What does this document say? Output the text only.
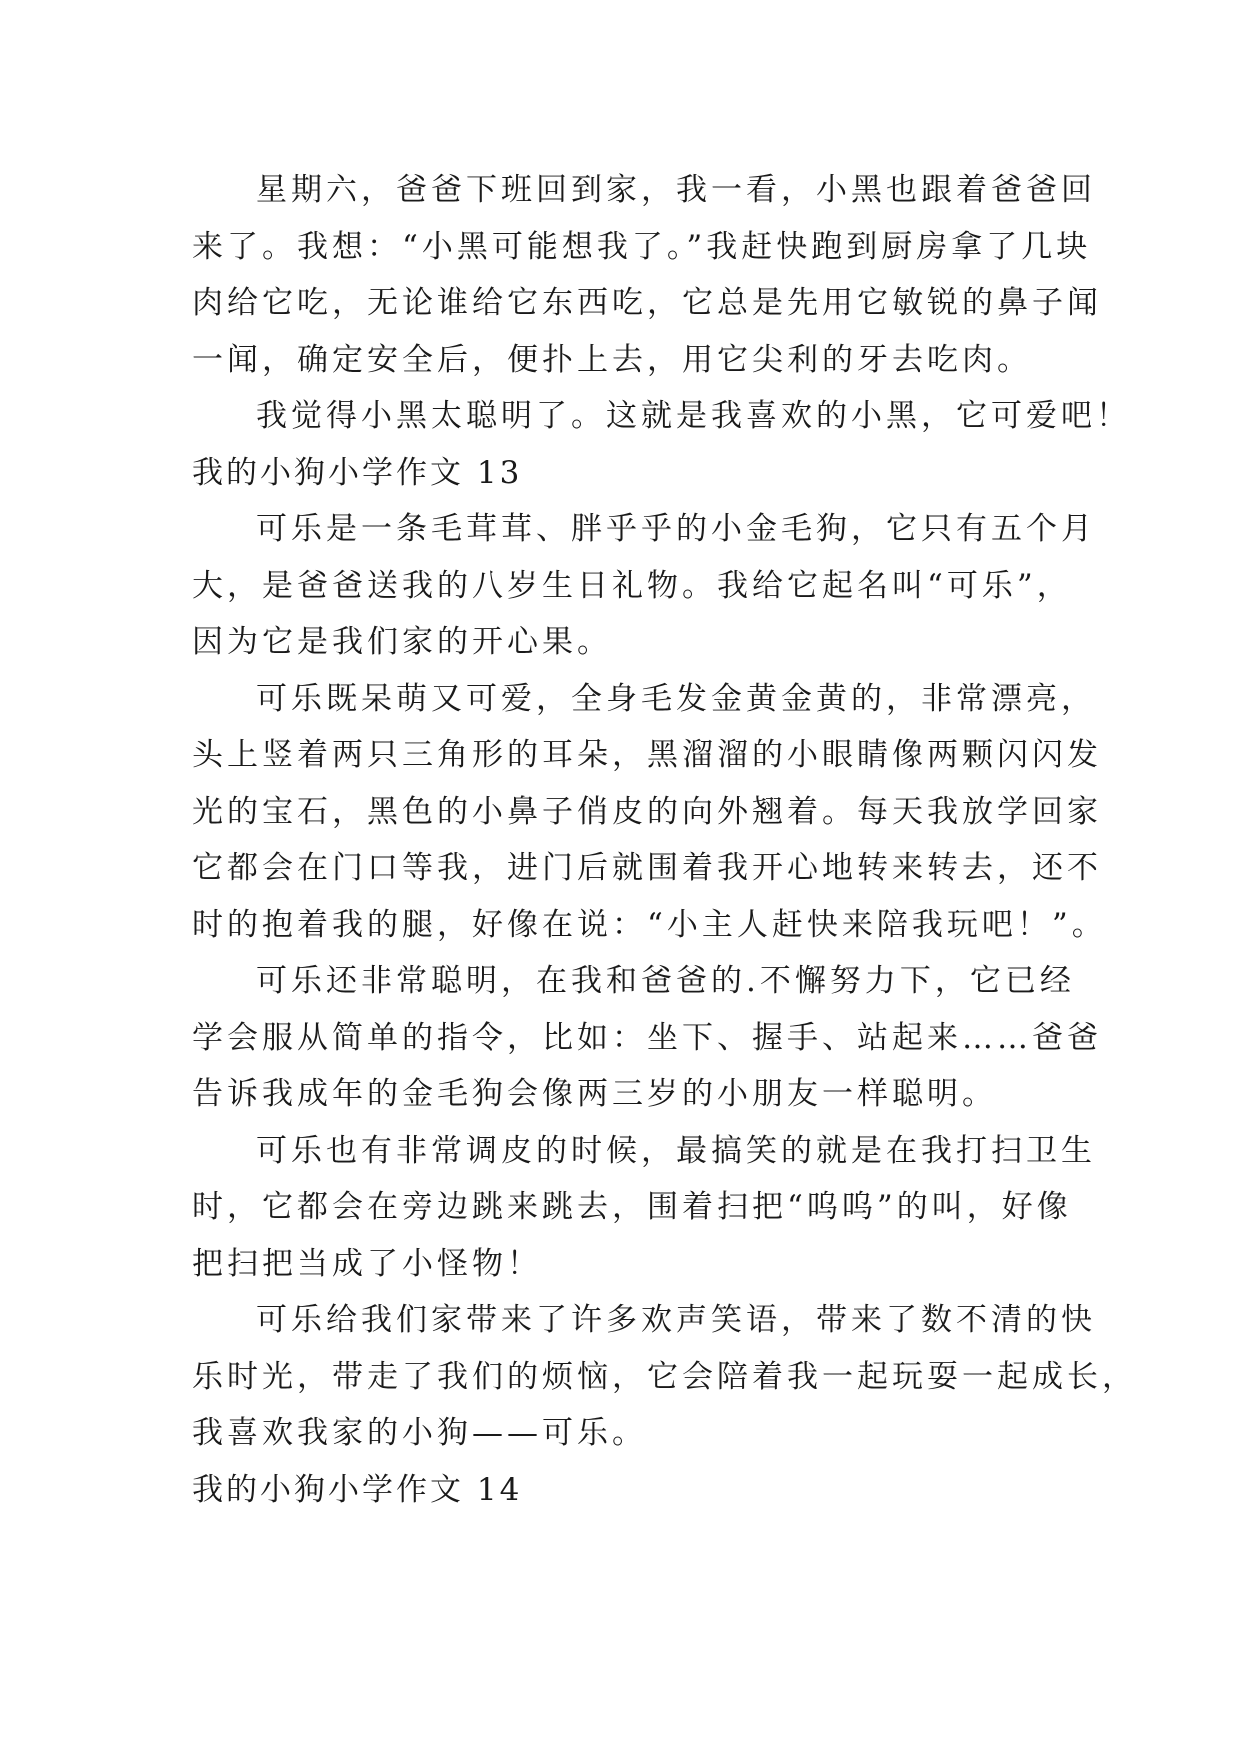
星期六，爸爸下班回到家，我一看，小黑也跟着爸爸回
来了。我想：“小黑可能想我了。”我赶快跑到厨房拿了几块
肉给它吃，无论谁给它东西吃，它总是先用它敏锐的鼻子闻
一闻，确定安全后，便扑上去，用它尖利的牙去吃肉。
我觉得小黑太聪明了。这就是我喜欢的小黑，它可爱吧！
我的小狗小学作文 13
可乐是一条毛茸茸、胖乎乎的小金毛狗，它只有五个月
大，是爸爸送我的八岁生日礼物。我给它起名叫“可乐”，
因为它是我们家的开心果。
可乐既呆萌又可爱，全身毛发金黄金黄的，非常漂亮，
头上竖着两只三角形的耳朵，黑溜溜的小眼睛像两颗闪闪发
光的宝石，黑色的小鼻子俏皮的向外翘着。每天我放学回家
它都会在门口等我，进门后就围着我开心地转来转去，还不
时的抱着我的腿，好像在说：“小主人赶快来陪我玩吧！”。
可乐还非常聪明，在我和爸爸的.不懈努力下，它已经
学会服从简单的指令，比如：坐下、握手、站起来……爸爸
告诉我成年的金毛狗会像两三岁的小朋友一样聪明。
可乐也有非常调皮的时候，最搞笑的就是在我打扫卫生
时，它都会在旁边跳来跳去，围着扫把“呜呜”的叫，好像
把扫把当成了小怪物！
可乐给我们家带来了许多欢声笑语，带来了数不清的快
乐时光，带走了我们的烦恼，它会陪着我一起玩耍一起成长，
我喜欢我家的小狗——可乐。
我的小狗小学作文 14
